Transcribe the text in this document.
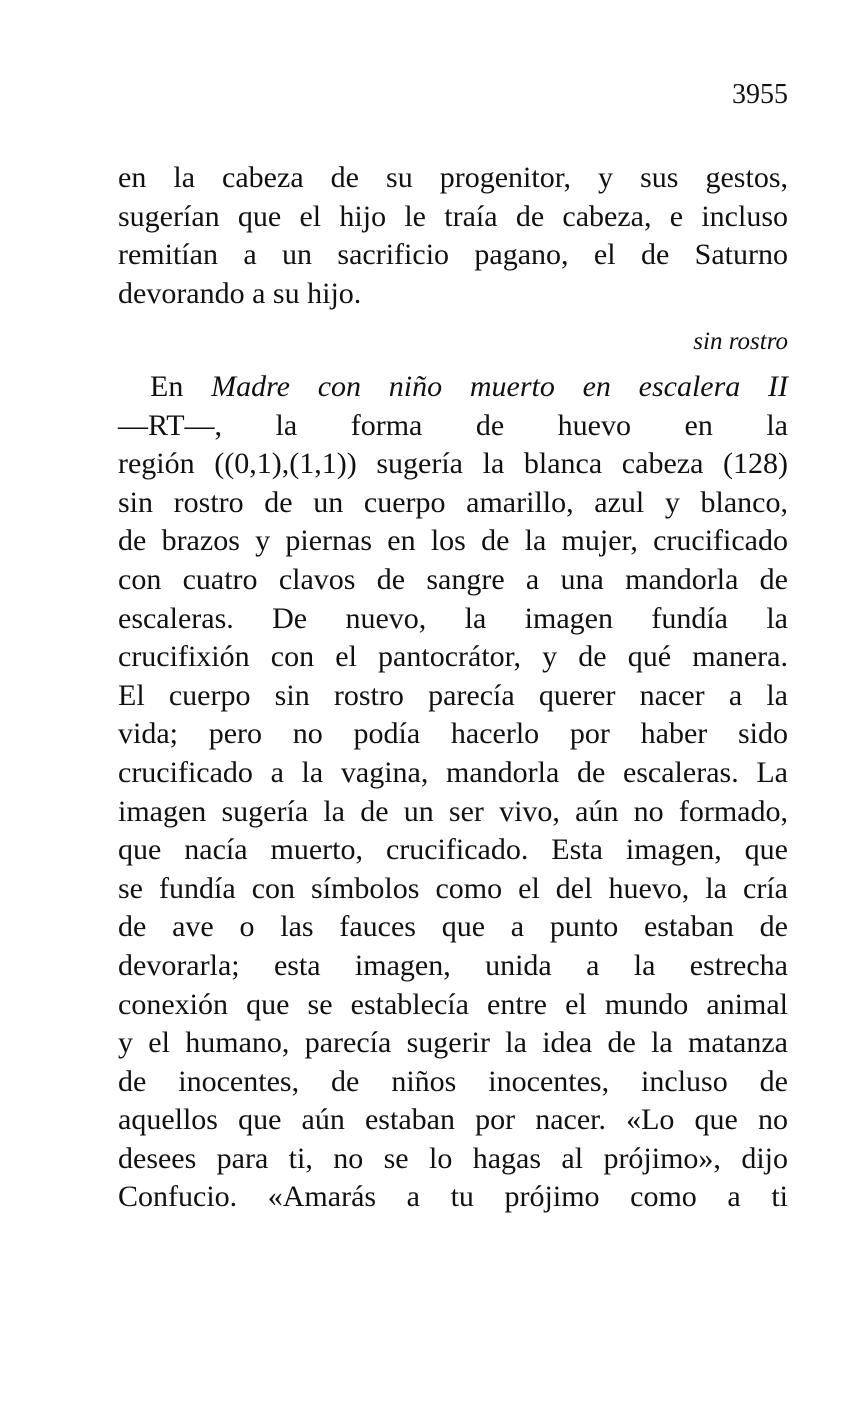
3955
en la cabeza de su progenitor, y sus gestos,
sugerían que el hijo le traía de cabeza, e incluso
remitían a un sacrificio pagano, el de Saturno
devorando a su hijo.
sin rostro
En Madre con niño muerto en escalera II
—RT—, la forma de huevo en la
región ((0,1),(1,1)) sugería la blanca cabeza (128)
sin rostro de un cuerpo amarillo, azul y blanco,
de brazos y piernas en los de la mujer, crucificado
con cuatro clavos de sangre a una mandorla de
escaleras. De nuevo, la imagen fundía la
crucifixión con el pantocrátor, y de qué manera.
El cuerpo sin rostro parecía querer nacer a la
vida; pero no podía hacerlo por haber sido
crucificado a la vagina, mandorla de escaleras. La
imagen sugería la de un ser vivo, aún no formado,
que nacía muerto, crucificado. Esta imagen, que
se fundía con símbolos como el del huevo, la cría
de ave o las fauces que a punto estaban de
devorarla; esta imagen, unida a la estrecha
conexión que se establecía entre el mundo animal
y el humano, parecía sugerir la idea de la matanza
de inocentes, de niños inocentes, incluso de
aquellos que aún estaban por nacer. «Lo que no
desees para ti, no se lo hagas al prójimo», dijo
Confucio. «Amarás a tu prójimo como a ti
